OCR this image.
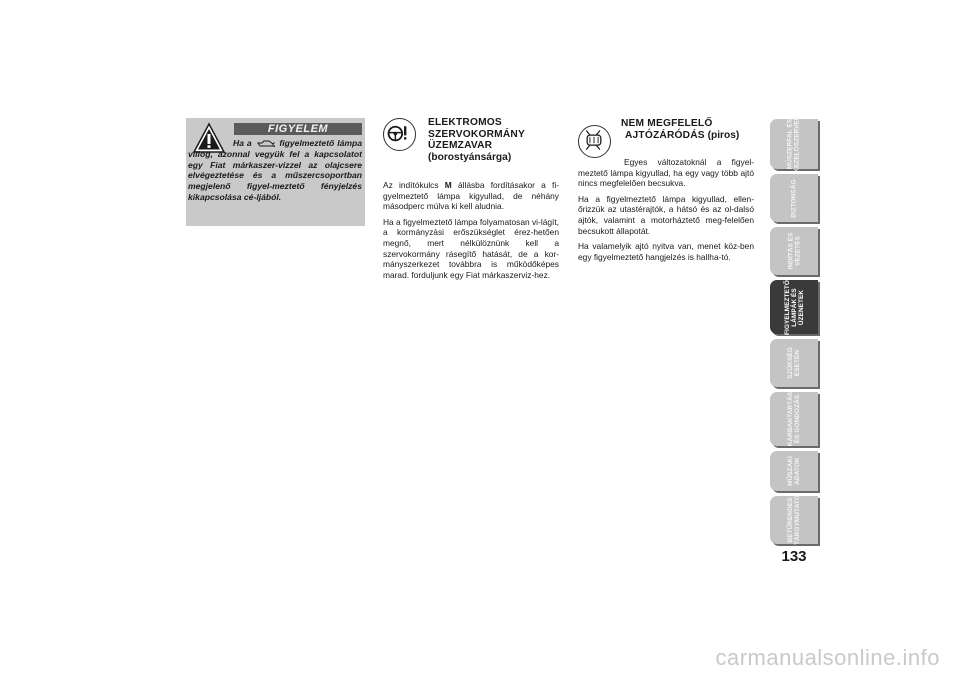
FIGYELEM
Ha a	figyelmeztető lámpa villog, azonnal vegyük fel a kapcsolatot egy Fiat márkaszer-vizzel az olajcsere elvégeztetése és a műszercsoportban megjelenő figyel-meztető fényjelzés kikapcsolása cé-ljából.
ELEKTROMOS
SZERVOKORMÁNY
ÜZEMZAVAR
(borostyánsárga)

Az indítókulcs M állásba fordításakor a fi-gyelmeztető lámpa kigyullad, de néhány másodperc múlva ki kell aludnia.

Ha a figyelmeztető lámpa folyamatosan vi-lágít, a kormányzási erőszükséglet érez-hetően megnő, mert nélkülöznünk kell a szervokormány rásegítő hatását, de a kor-mányszerkezet továbbra is működőképes marad. forduljunk egy Fiat márkaszerviz-hez.

NEM MEGFELELŐ
AJTÓZÁRÓDÁS (piros)

Egyes változatoknál a figyel-meztető lámpa kigyullad, ha egy vagy több ajtó nincs megfelelően becsukva.

Ha a figyelmeztető lámpa kigyullad, ellen-őrizzük az utastérajtók, a hátsó és az ol-dalsó ajtók, valamint a motorháztető meg-felelően becsukott állapotát.

Ha valamelyik ajtó nyitva van, menet köz-ben egy figyelmeztető hangjelzés is hallha-tó.

MŰSZERFAL ÉS KEZELŐSZERVEK
BIZTONSÁG
INDÍTÁS ÉS VEZETÉS
FIGYELMEZTETŐ LÁMPÁK ÉS ÜZENETEK
SZÜKSÉG ESETÉN
KARBANTARTÁS ÉS GONDOZÁS
MŰSZAKI ADATOK
BETŰRENDES TÁRGYMUTATÓ
133
carmanualsonline.info
